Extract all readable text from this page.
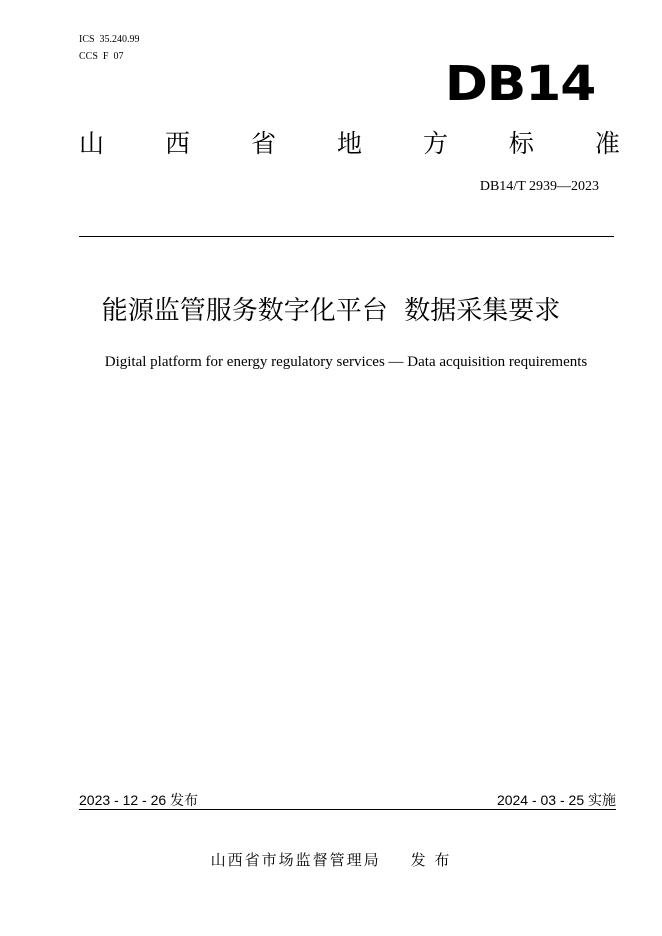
ICS  35.240.99
CCS  F  07	DB14
山 西 省 地 方 标 准
DB14/T 2939—2023
能源监管服务数字化平台  数据采集要求
Digital platform for energy regulatory services — Data acquisition requirements
2023 - 12 - 26 发布	2024 - 03 - 25 实施
山西省市场监督管理局 发 布
